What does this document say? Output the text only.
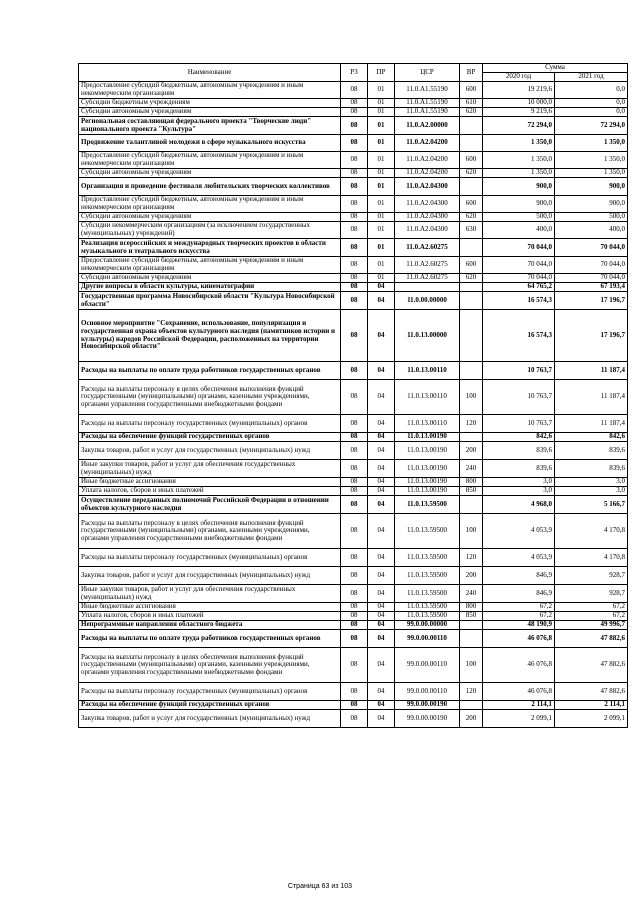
Наименование	РЗ	ПР	ЦСР	ВР	Сумма	
					2020 год	2021 год
Предоставление субсидий бюджетным, автономным учреждениям и иным некоммерческим организациям	08	01	11.0.А1.55190	600	19 219,6	0,0
Субсидии бюджетным учреждениям	08	01	11.0.А1.55190	610	10 000,0	0,0
Субсидии автономным учреждениям	08	01	11.0.А1.55190	620	9 219,6	0,0
Региональная составляющая федерального проекта "Творческие люди" национального проекта "Культура"	08	01	11.0.А2.00000		72 294,0	72 294,0
Продвижение талантливой молодежи в сфере музыкального искусства	08	01	11.0.А2.04200		1 350,0	1 350,0
Предоставление субсидий бюджетным, автономным учреждениям и иным некоммерческим организациям	08	01	11.0.А2.04200	600	1 350,0	1 350,0
Субсидии автономным учреждениям	08	01	11.0.А2.04200	620	1 350,0	1 350,0
Организация и проведение фестиваля любительских творческих коллективов	08	01	11.0.А2.04300		900,0	900,0
Предоставление субсидий бюджетным, автономным учреждениям и иным некоммерческим организациям	08	01	11.0.А2.04300	600	900,0	900,0
Субсидии автономным учреждениям	08	01	11.0.А2.04300	620	500,0	500,0
Субсидии некоммерческим организациям (за исключением государственных (муниципальных) учреждений)	08	01	11.0.А2.04300	630	400,0	400,0
Реализация всероссийских и международных творческих проектов в области музыкального и театрального искусства	08	01	11.0.А2.60275		70 044,0	70 044,0
Предоставление субсидий бюджетным, автономным учреждениям и иным некоммерческим организациям	08	01	11.0.А2.60275	600	70 044,0	70 044,0
Субсидии автономным учреждениям	08	01	11.0.А2.60275	620	70 044,0	70 044,0
Другие вопросы в области культуры, кинематографии	08	04			64 765,2	67 193,4
Государственная программа Новосибирской области "Культура Новосибирской области"	08	04	11.0.00.00000		16 574,3	17 196,7
Основное мероприятие "Сохранение, использование, популяризация и государственная охрана объектов культурного наследия (памятников истории и культуры) народов Российской Федерации, расположенных на территории Новосибирской области"	08	04	11.0.13.00000		16 574,3	17 196,7
Расходы на выплаты по оплате труда работников государственных органов	08	04	11.0.13.00110		10 763,7	11 187,4
Расходы на выплаты персоналу в целях обеспечения выполнения функций государственными (муниципальными) органами, казенными учреждениями, органами управления государственными внебюджетными фондами	08	04	11.0.13.00110	100	10 763,7	11 187,4
Расходы на выплаты персоналу государственных (муниципальных) органов	08	04	11.0.13.00110	120	10 763,7	11 187,4
Расходы на обеспечение функций государственных органов	08	04	11.0.13.00190		842,6	842,6
Закупка товаров, работ и услуг для государственных (муниципальных) нужд	08	04	11.0.13.00190	200	839,6	839,6
Иные закупки товаров, работ и услуг для обеспечения государственных (муниципальных) нужд	08	04	11.0.13.00190	240	839,6	839,6
Иные бюджетные ассигнования	08	04	11.0.13.00190	800	3,0	3,0
Уплата налогов, сборов и иных платежей	08	04	11.0.13.00190	850	3,0	3,0
Осуществление переданных полномочий Российской Федерации в отношении объектов культурного наследия	08	04	11.0.13.59500		4 968,0	5 166,7
Расходы на выплаты персоналу в целях обеспечения выполнения функций государственными (муниципальными) органами, казенными учреждениями, органами управления государственными внебюджетными фондами	08	04	11.0.13.59500	100	4 053,9	4 170,8
Расходы на выплаты персоналу государственных (муниципальных) органов	08	04	11.0.13.59500	120	4 053,9	4 170,8
Закупка товаров, работ и услуг для государственных (муниципальных) нужд	08	04	11.0.13.59500	200	846,9	928,7
Иные закупки товаров, работ и услуг для обеспечения государственных (муниципальных) нужд	08	04	11.0.13.59500	240	846,9	928,7
Иные бюджетные ассигнования	08	04	11.0.13.59500	800	67,2	67,2
Уплата налогов, сборов и иных платежей	08	04	11.0.13.59500	850	67,2	67,2
Непрограммные направления областного бюджета	08	04	99.0.00.00000		48 190,9	49 996,7
Расходы на выплаты по оплате труда работников государственных органов	08	04	99.0.00.00110		46 076,8	47 882,6
Расходы на выплаты персоналу в целях обеспечения выполнения функций государственными (муниципальными) органами, казенными учреждениями, органами управления государственными внебюджетными фондами	08	04	99.0.00.00110	100	46 076,8	47 882,6
Расходы на выплаты персоналу государственных (муниципальных) органов	08	04	99.0.00.00110	120	46 076,8	47 882,6
Расходы на обеспечение функций государственных органов	08	04	99.0.00.00190		2 114,1	2 114,1
Закупка товаров, работ и услуг для государственных (муниципальных) нужд	08	04	99.0.00.00190	200	2 099,1	2 099,1
Страница 63 из 103
